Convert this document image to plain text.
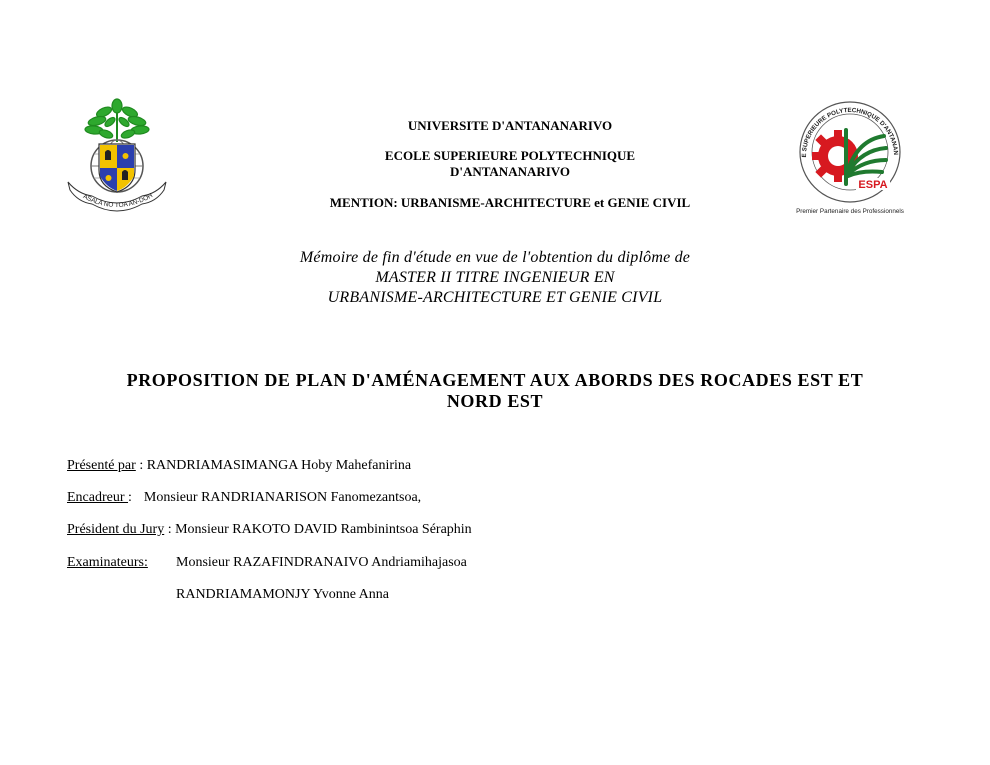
ASALA NO TOA AN-DOH
E SUPERIEURE POLYTECHNIQUE D'ANTANAN
ESPA
Premier Partenaire des Professionnels
UNIVERSITE D'ANTANANARIVO
ECOLE SUPERIEURE POLYTECHNIQUE
D'ANTANANARIVO
MENTION: URBANISME-ARCHITECTURE et GENIE CIVIL
Mémoire de fin d'étude en vue de l'obtention du diplôme de
MASTER II TITRE INGENIEUR EN
URBANISME-ARCHITECTURE ET GENIE CIVIL
PROPOSITION DE PLAN D'AMÉNAGEMENT AUX ABORDS DES ROCADES EST ET
NORD EST
Présenté par : RANDRIAMASIMANGA Hoby Mahefanirina
Encadreur : Monsieur RANDRIANARISON Fanomezantsoa,
Président du Jury : Monsieur RAKOTO DAVID Rambinintsoa Séraphin
Examinateurs: Monsieur RAZAFINDRANAIVO Andriamihajasoa
RANDRIAMAMONJY Yvonne Anna
